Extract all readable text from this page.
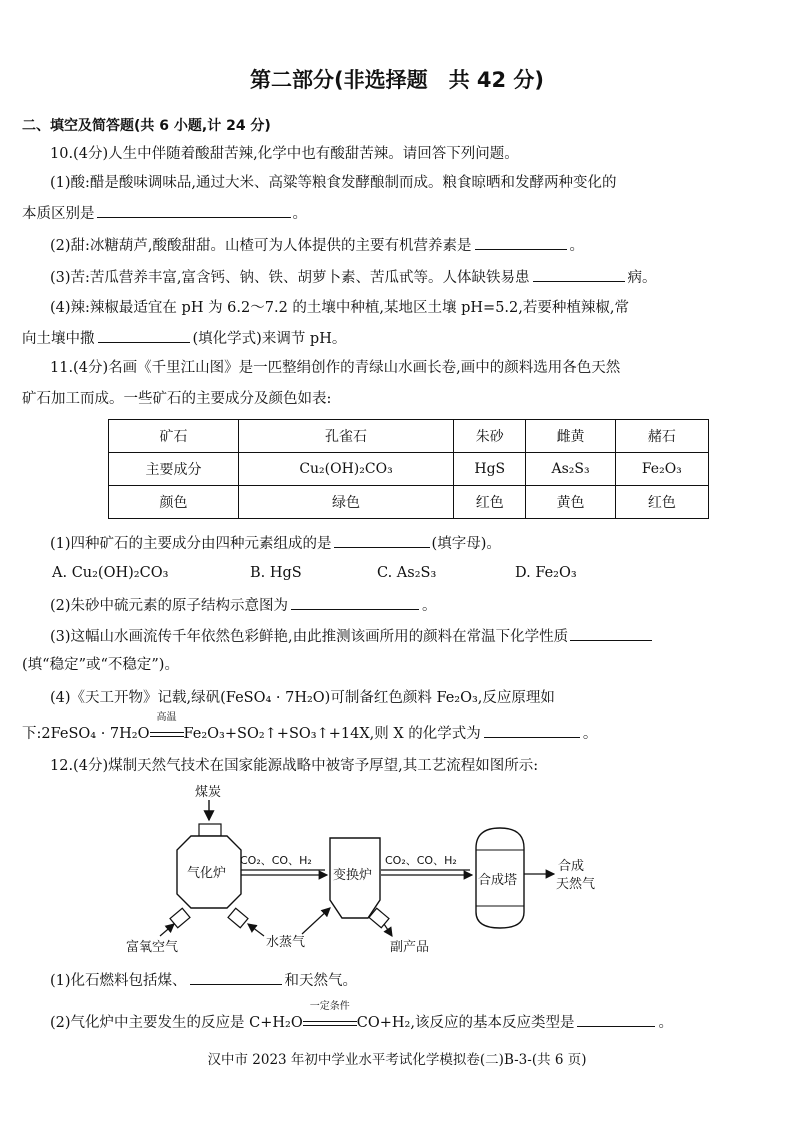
第二部分(非选择题　共 42 分)
二、填空及简答题(共 6 小题,计 24 分)
10.(4分)人生中伴随着酸甜苦辣,化学中也有酸甜苦辣。请回答下列问题。
(1)酸:醋是酸味调味品,通过大米、高粱等粮食发酵酿制而成。粮食晾晒和发酵两种变化的
本质区别是	。
(2)甜:冰糖葫芦,酸酸甜甜。山楂可为人体提供的主要有机营养素是	。
(3)苦:苦瓜营养丰富,富含钙、钠、铁、胡萝卜素、苦瓜甙等。人体缺铁易患	病。
(4)辣:辣椒最适宜在 pH 为 6.2～7.2 的土壤中种植,某地区土壤 pH=5.2,若要种植辣椒,常
向土壤中撒	(填化学式)来调节 pH。
11.(4分)名画《千里江山图》是一匹整绢创作的青绿山水画长卷,画中的颜料选用各色天然
矿石加工而成。一些矿石的主要成分及颜色如表:
矿石	孔雀石	朱砂	雌黄	赭石
主要成分	Cu₂(OH)₂CO₃	HgS	As₂S₃	Fe₂O₃
颜色	绿色	红色	黄色	红色
(1)四种矿石的主要成分由四种元素组成的是	(填字母)。
A. Cu₂(OH)₂CO₃	B. HgS	C. As₂S₃	D. Fe₂O₃
(2)朱砂中硫元素的原子结构示意图为	。
(3)这幅山水画流传千年依然色彩鲜艳,由此推测该画所用的颜料在常温下化学性质
(填“稳定”或“不稳定”)。
(4)《天工开物》记载,绿矾(FeSO₄ · 7H₂O)可制备红色颜料 Fe₂O₃,反应原理如
下:2FeSO₄ · 7H₂O
高温
Fe₂O₃+SO₂↑+SO₃↑+14X,则 X 的化学式为	。
12.(4分)煤制天然气技术在国家能源战略中被寄予厚望,其工艺流程如图所示:
煤炭
气化炉
CO₂、CO、H₂
变换炉
CO₂、CO、H₂
合成塔
合成
天然气
富氧空气	水蒸气	副产品
(1)化石燃料包括煤、	和天然气。
(2)气化炉中主要发生的反应是 C+H₂O
一定条件
CO+H₂,该反应的基本反应类型是	。
汉中市 2023 年初中学业水平考试化学模拟卷(二)B-3-(共 6 页)
